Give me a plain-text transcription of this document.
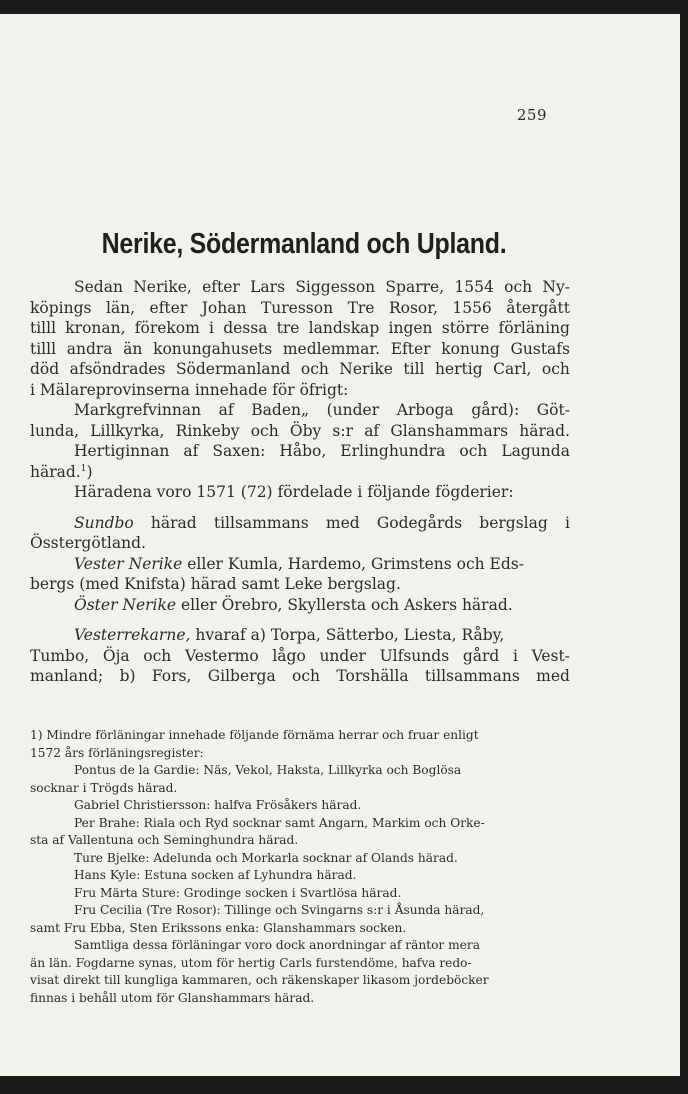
259
Nerike, Södermanland och Upland.
Sedan Nerike, efter Lars Siggesson Sparre, 1554 och Ny-
köpings län, efter Johan Turesson Tre Rosor, 1556 återgått
tilll kronan, förekom i dessa tre landskap ingen större förläning
tilll andra än konungahusets medlemmar. Efter konung Gustafs
död afsöndrades Södermanland och Nerike till hertig Carl, och
i Mälareprovinserna innehade för öfrigt:
Markgrefvinnan af Baden„ (under Arboga gård): Göt-
lunda, Lillkyrka, Rinkeby och Öby s:r af Glanshammars härad.
Hertiginnan af Saxen: Håbo, Erlinghundra och Lagunda
härad.$^1$)
Häradena voro 1571 (72) fördelade i följande fögderier:
Sundbo härad tillsammans med Godegårds bergslag i
Össtergötland.
Vester Nerike eller Kumla, Hardemo, Grimstens och Eds-
bergs (med Knifsta) härad samt Leke bergslag.
Öster Nerike eller Örebro, Skyllersta och Askers härad.
Vesterrekarne, hvaraf a) Torpa, Sätterbo, Liesta, Råby,
Tumbo, Öja och Vestermo lågo under Ulfsunds gård i Vest-
manland; b) Fors, Gilberga och Torshälla tillsammans med
1) Mindre förläningar innehade följande förnäma herrar och fruar enligt
1572 års förläningsregister:
Pontus de la Gardie: Näs, Vekol, Haksta, Lillkyrka och Boglösa
socknar i Trögds härad.
Gabriel Christiersson: halfva Frösåkers härad.
Per Brahe: Riala och Ryd socknar samt Angarn, Markim och Orke-
sta af Vallentuna och Seminghundra härad.
Ture Bjelke: Adelunda och Morkarla socknar af Olands härad.
Hans Kyle: Estuna socken af Lyhundra härad.
Fru Märta Sture: Grodinge socken i Svartlösa härad.
Fru Cecilia (Tre Rosor): Tillinge och Svingarns s:r i Åsunda härad,
samt Fru Ebba, Sten Erikssons enka: Glanshammars socken.
Samtliga dessa förläningar voro dock anordningar af räntor mera
än län. Fogdarne synas, utom för hertig Carls furstendöme, hafva redo-
visat direkt till kungliga kammaren, och räkenskaper likasom jordeböcker
finnas i behåll utom för Glanshammars härad.
